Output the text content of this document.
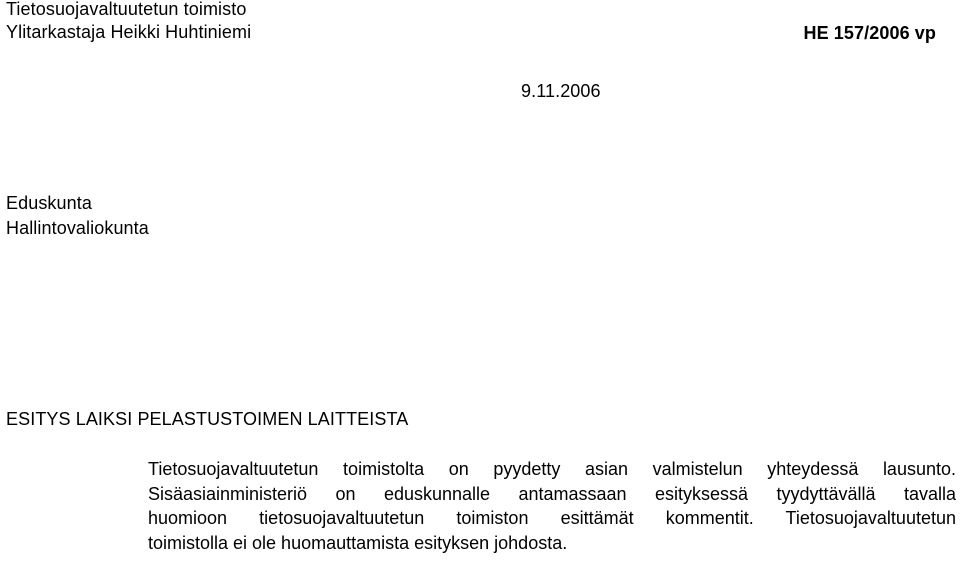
Tietosuojavaltuutetun toimisto
Ylitarkastaja Heikki Huhtiniemi	HE 157/2006 vp
9.11.2006
Eduskunta
Hallintovaliokunta
ESITYS LAIKSI PELASTUSTOIMEN LAITTEISTA
Tietosuojavaltuutetun toimistolta on pyydetty asian valmistelun yhteydessä lausunto.
Sisäasiainministeriö on eduskunnalle antamassaan esityksessä tyydyttävällä tavalla
huomioon tietosuojavaltuutetun toimiston esittämät kommentit. Tietosuojavaltuutetun
toimistolla ei ole huomauttamista esityksen johdosta.
